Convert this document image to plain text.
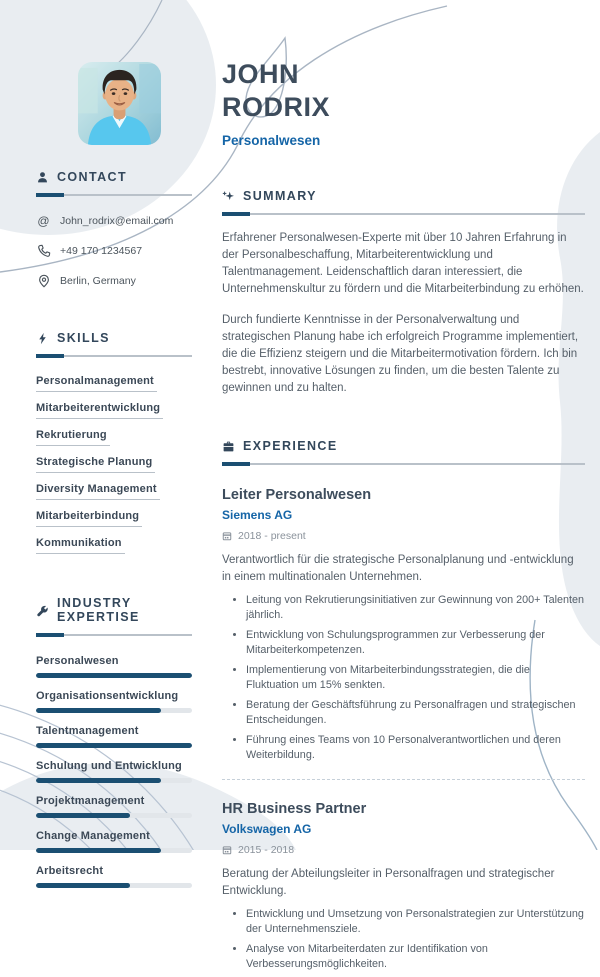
CONTACT
@ John_rodrix@email.com
+49 170 1234567
Berlin, Germany
SKILLS
Personalmanagement
Mitarbeiterentwicklung
Rekrutierung
Strategische Planung
Diversity Management
Mitarbeiterbindung
Kommunikation
INDUSTRY EXPERTISE
Personalwesen
Organisationsentwicklung
Talentmanagement
Schulung und Entwicklung
Projektmanagement
Change Management
Arbeitsrecht
JOHN
RODRIX
Personalwesen
SUMMARY

Erfahrener Personalwesen-Experte mit über 10 Jahren Erfahrung in der Personalbeschaffung, Mitarbeiterentwicklung und Talentmanagement. Leidenschaftlich daran interessiert, die Unternehmenskultur zu fördern und die Mitarbeiterbindung zu erhöhen.

Durch fundierte Kenntnisse in der Personalverwaltung und strategischen Planung habe ich erfolgreich Programme implementiert, die die Effizienz steigern und die Mitarbeitermotivation fördern. Ich bin bestrebt, innovative Lösungen zu finden, um die besten Talente zu gewinnen und zu halten.

EXPERIENCE
Leiter Personalwesen
Siemens AG
2018 - present
Verantwortlich für die strategische Personalplanung und -entwicklung in einem multinationalen Unternehmen.
• Leitung von Rekrutierungsinitiativen zur Gewinnung von 200+ Talenten jährlich.
• Entwicklung von Schulungsprogrammen zur Verbesserung der Mitarbeiterkompetenzen.
• Implementierung von Mitarbeiterbindungsstrategien, die die Fluktuation um 15% senkten.
• Beratung der Geschäftsführung zu Personalfragen und strategischen Entscheidungen.
• Führung eines Teams von 10 Personalverantwortlichen und deren Weiterbildung.
HR Business Partner
Volkswagen AG
2015 - 2018
Beratung der Abteilungsleiter in Personalfragen und strategischer Entwicklung.
• Entwicklung und Umsetzung von Personalstrategien zur Unterstützung der Unternehmensziele.
• Analyse von Mitarbeiterdaten zur Identifikation von Verbesserungsmöglichkeiten.
